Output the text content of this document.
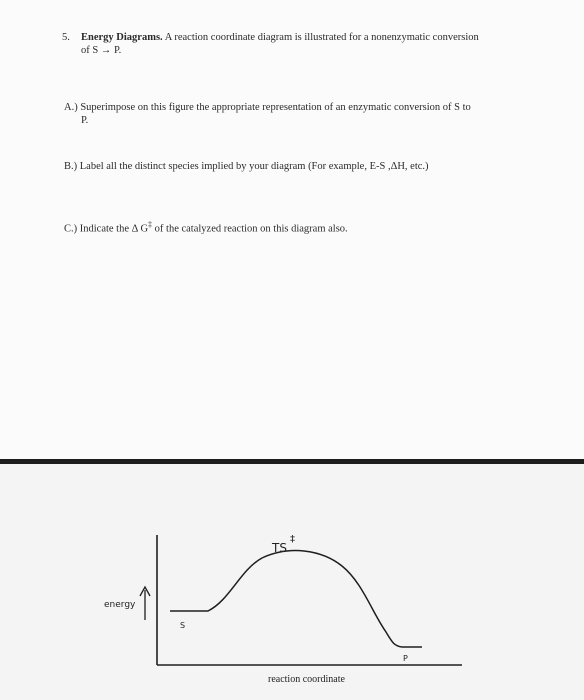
5. Energy Diagrams. A reaction coordinate diagram is illustrated for a nonenzymatic conversion
of S → P.
A.) Superimpose on this figure the appropriate representation of an enzymatic conversion of S to
P.
B.) Label all the distinct species implied by your diagram (For example, E-S ,ΔH, etc.)
C.) Indicate the Δ G‡ of the catalyzed reaction on this diagram also.
energy
TS
‡
S
P
reaction coordinate
